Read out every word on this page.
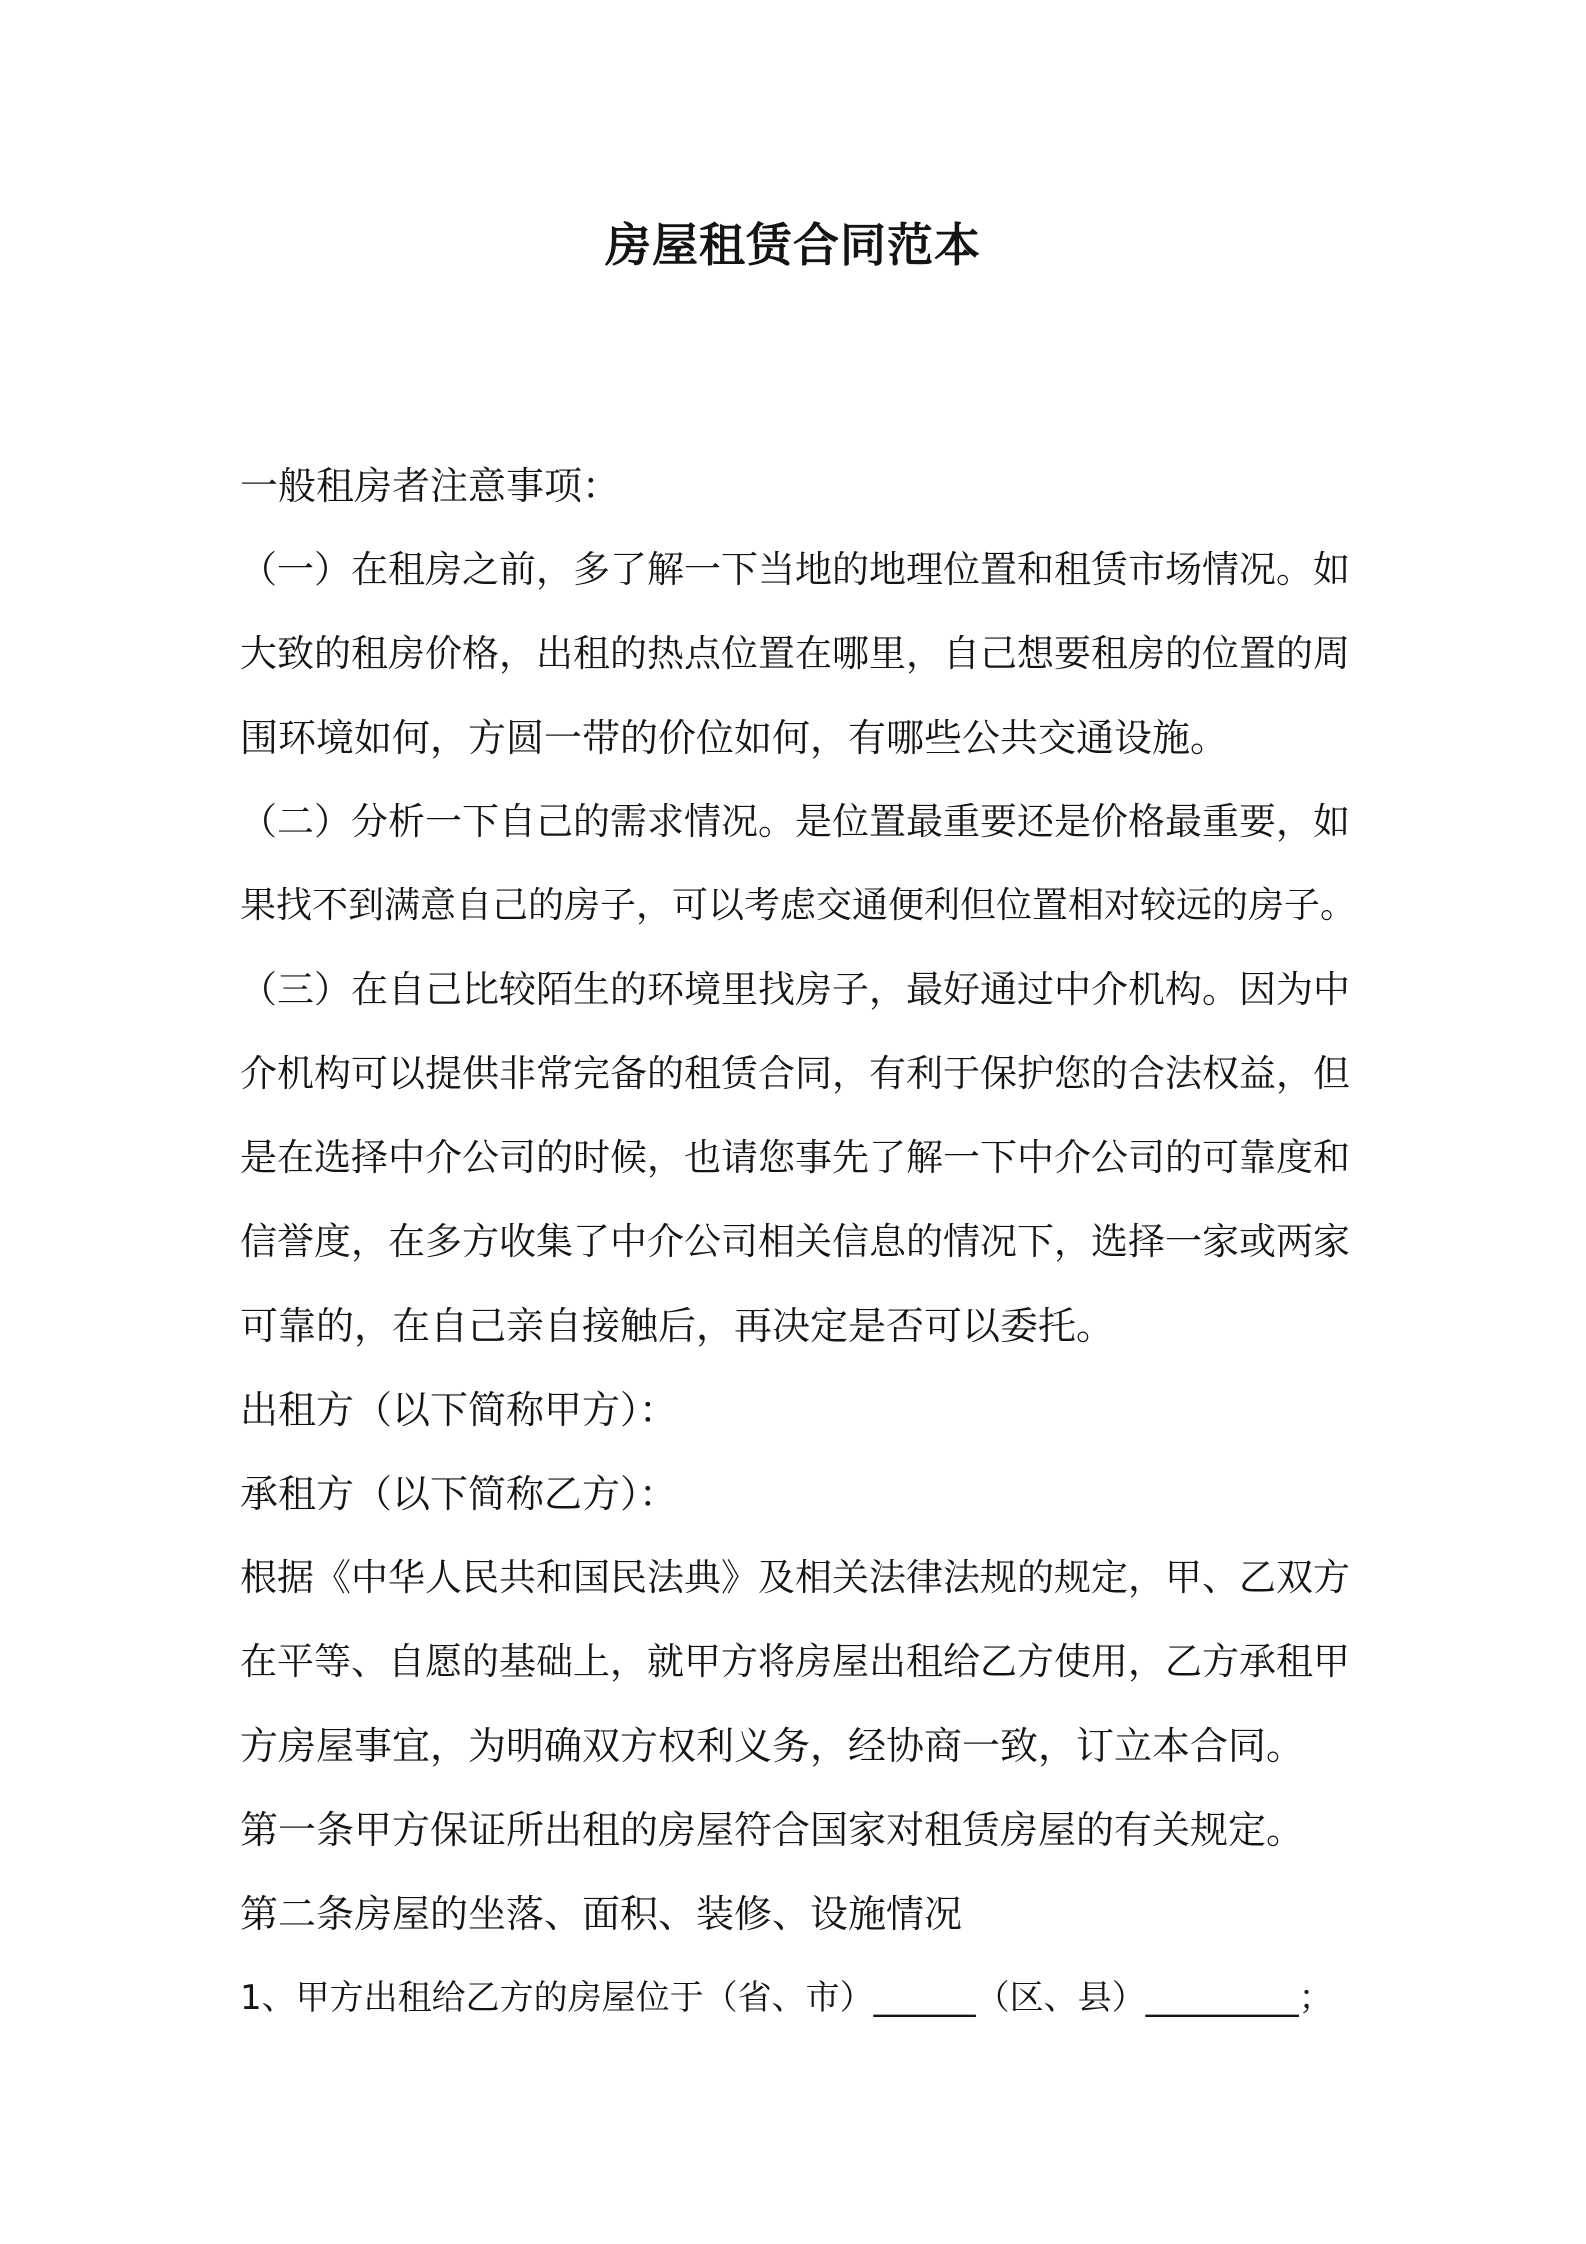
房屋租赁合同范本
一般租房者注意事项：
（一）在租房之前，多了解一下当地的地理位置和租赁市场情况。如
大致的租房价格，出租的热点位置在哪里，自己想要租房的位置的周
围环境如何，方圆一带的价位如何，有哪些公共交通设施。
（二）分析一下自己的需求情况。是位置最重要还是价格最重要，如
果找不到满意自己的房子，可以考虑交通便利但位置相对较远的房子。
（三）在自己比较陌生的环境里找房子，最好通过中介机构。因为中
介机构可以提供非常完备的租赁合同，有利于保护您的合法权益，但
是在选择中介公司的时候，也请您事先了解一下中介公司的可靠度和
信誉度，在多方收集了中介公司相关信息的情况下，选择一家或两家
可靠的，在自己亲自接触后，再决定是否可以委托。
出租方（以下简称甲方）：
承租方（以下简称乙方）：
根据《中华人民共和国民法典》及相关法律法规的规定，甲、乙双方
在平等、自愿的基础上，就甲方将房屋出租给乙方使用，乙方承租甲
方房屋事宜，为明确双方权利义务，经协商一致，订立本合同。
第一条甲方保证所出租的房屋符合国家对租赁房屋的有关规定。
第二条房屋的坐落、面积、装修、设施情况
1、甲方出租给乙方的房屋位于（省、市）______（区、县）_________；
